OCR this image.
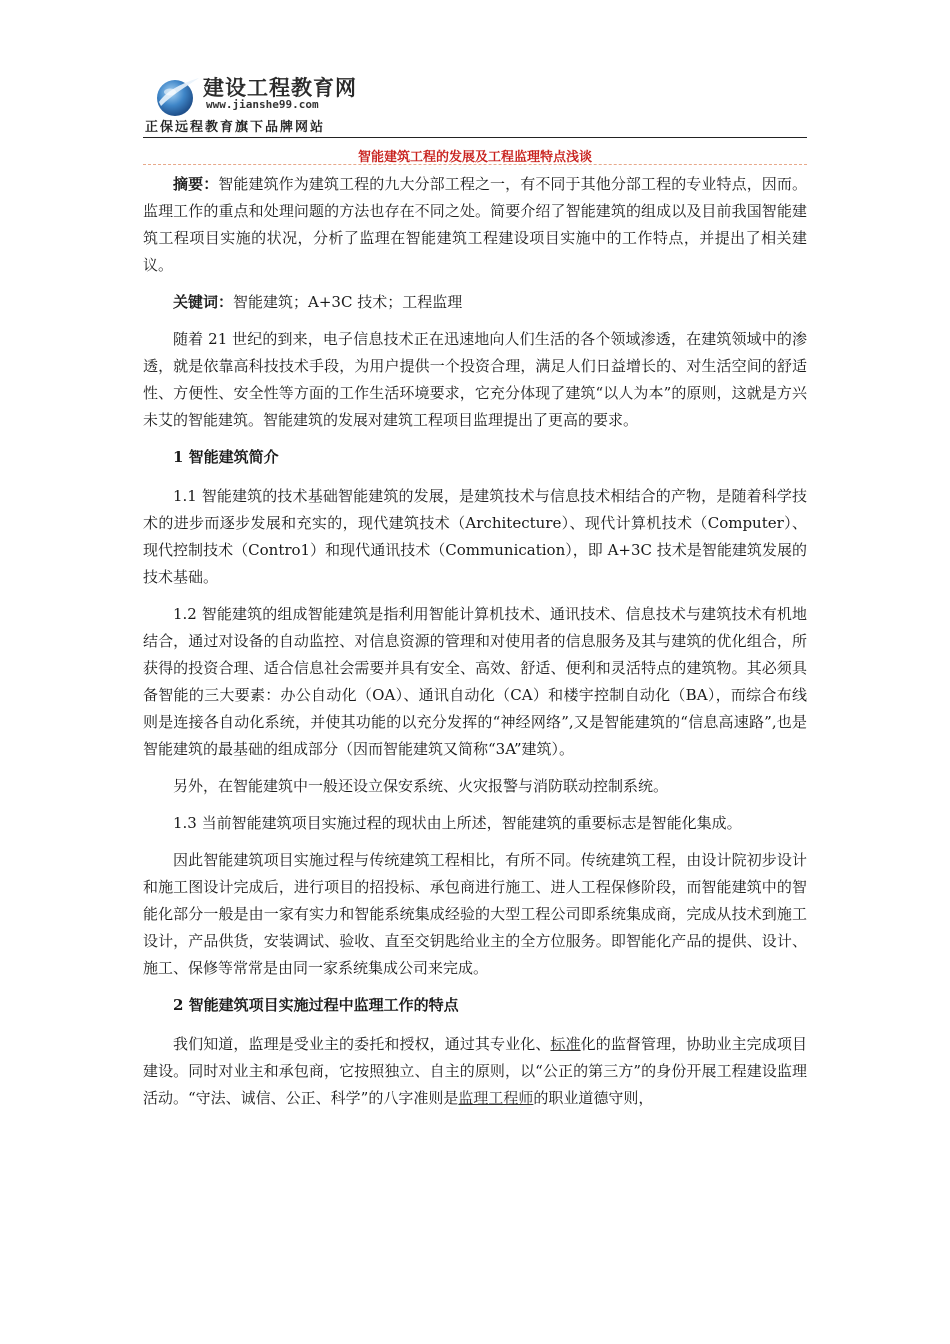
建设工程教育网
www.jianshe99.com
正保远程教育旗下品牌网站
智能建筑工程的发展及工程监理特点浅谈

摘要：智能建筑作为建筑工程的九大分部工程之一，有不同于其他分部工程的专业特点，因而。监理工作的重点和处理问题的方法也存在不同之处。简要介绍了智能建筑的组成以及目前我国智能建筑工程项目实施的状况，分析了监理在智能建筑工程建设项目实施中的工作特点，并提出了相关建议。

关键词：智能建筑；A+3C 技术；工程监理

随着 21 世纪的到来，电子信息技术正在迅速地向人们生活的各个领域渗透，在建筑领域中的渗透，就是依靠高科技技术手段，为用户提供一个投资合理，满足人们日益增长的、对生活空间的舒适性、方便性、安全性等方面的工作生活环境要求，它充分体现了建筑“以人为本”的原则，这就是方兴未艾的智能建筑。智能建筑的发展对建筑工程项目监理提出了更高的要求。

1 智能建筑简介

1.1 智能建筑的技术基础智能建筑的发展，是建筑技术与信息技术相结合的产物，是随着科学技术的进步而逐步发展和充实的，现代建筑技术（Architecture）、现代计算机技术（Computer）、现代控制技术（Contro1）和现代通讯技术（Communication），即 A+3C 技术是智能建筑发展的技术基础。

1.2 智能建筑的组成智能建筑是指利用智能计算机技术、通讯技术、信息技术与建筑技术有机地结合，通过对设备的自动监控、对信息资源的管理和对使用者的信息服务及其与建筑的优化组合，所获得的投资合理、适合信息社会需要并具有安全、高效、舒适、便利和灵活特点的建筑物。其必须具备智能的三大要素：办公自动化（OA）、通讯自动化（CA）和楼宇控制自动化（BA），而综合布线则是连接各自动化系统，并使其功能的以充分发挥的“神经网络”,又是智能建筑的“信息高速路”,也是智能建筑的最基础的组成部分（因而智能建筑又简称“3A”建筑）。

另外，在智能建筑中一般还设立保安系统、火灾报警与消防联动控制系统。

1.3 当前智能建筑项目实施过程的现状由上所述，智能建筑的重要标志是智能化集成。

因此智能建筑项目实施过程与传统建筑工程相比，有所不同。传统建筑工程，由设计院初步设计和施工图设计完成后，进行项目的招投标、承包商进行施工、进人工程保修阶段，而智能建筑中的智能化部分一般是由一家有实力和智能系统集成经验的大型工程公司即系统集成商，完成从技术到施工设计，产品供货，安装调试、验收、直至交钥匙给业主的全方位服务。即智能化产品的提供、设计、施工、保修等常常是由同一家系统集成公司来完成。

2 智能建筑项目实施过程中监理工作的特点

我们知道，监理是受业主的委托和授权，通过其专业化、标准化的监督管理，协助业主完成项目建设。同时对业主和承包商，它按照独立、自主的原则，以“公正的第三方”的身份开展工程建设监理活动。“守法、诚信、公正、科学”的八字准则是监理工程师的职业道德守则，
